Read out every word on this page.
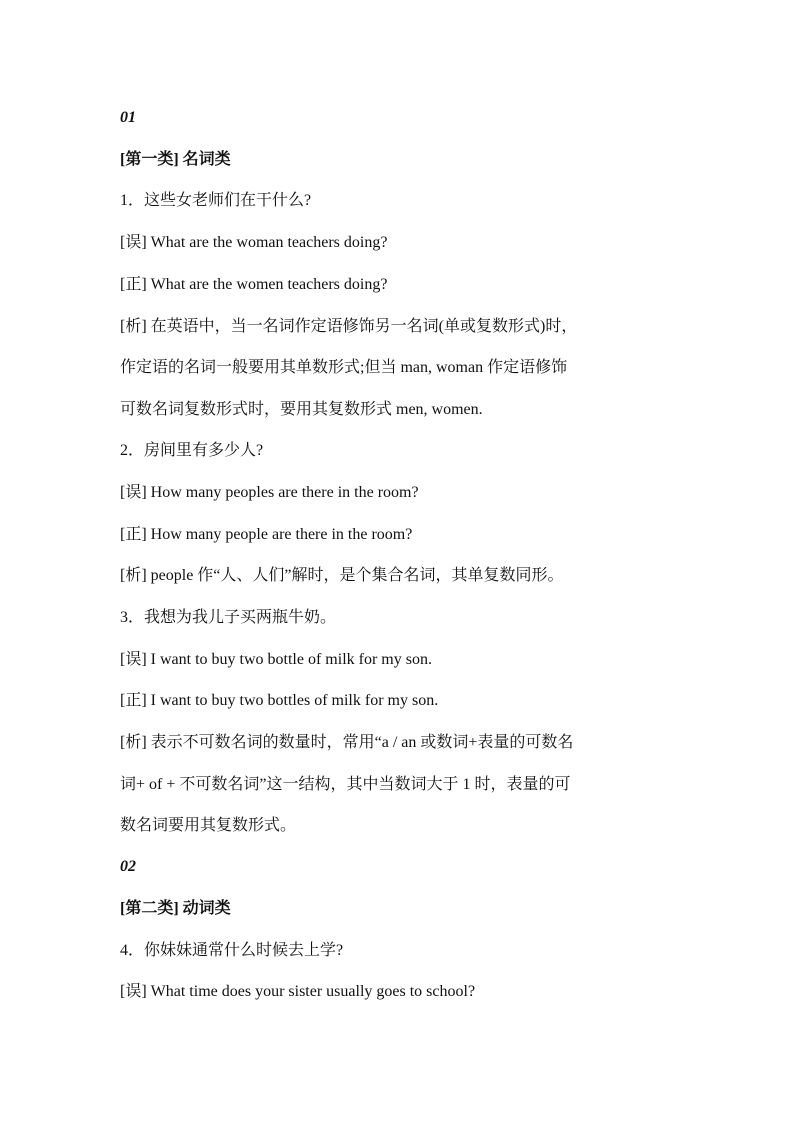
01
[第一类] 名词类
1．这些女老师们在干什么?
[误] What are the woman teachers doing?
[正] What are the women teachers doing?
[析] 在英语中，当一名词作定语修饰另一名词(单或复数形式)时，
作定语的名词一般要用其单数形式;但当 man, woman 作定语修饰
可数名词复数形式时，要用其复数形式 men, women.
2．房间里有多少人?
[误] How many peoples are there in the room?
[正] How many people are there in the room?
[析] people 作“人、人们”解时，是个集合名词，其单复数同形。
3．我想为我儿子买两瓶牛奶。
[误] I want to buy two bottle of milk for my son.
[正] I want to buy two bottles of milk for my son.
[析] 表示不可数名词的数量时，常用“a / an 或数词+表量的可数名
词+ of + 不可数名词”这一结构，其中当数词大于 1 时，表量的可
数名词要用其复数形式。
02
[第二类] 动词类
4．你妹妹通常什么时候去上学?
[误] What time does your sister usually goes to school?
